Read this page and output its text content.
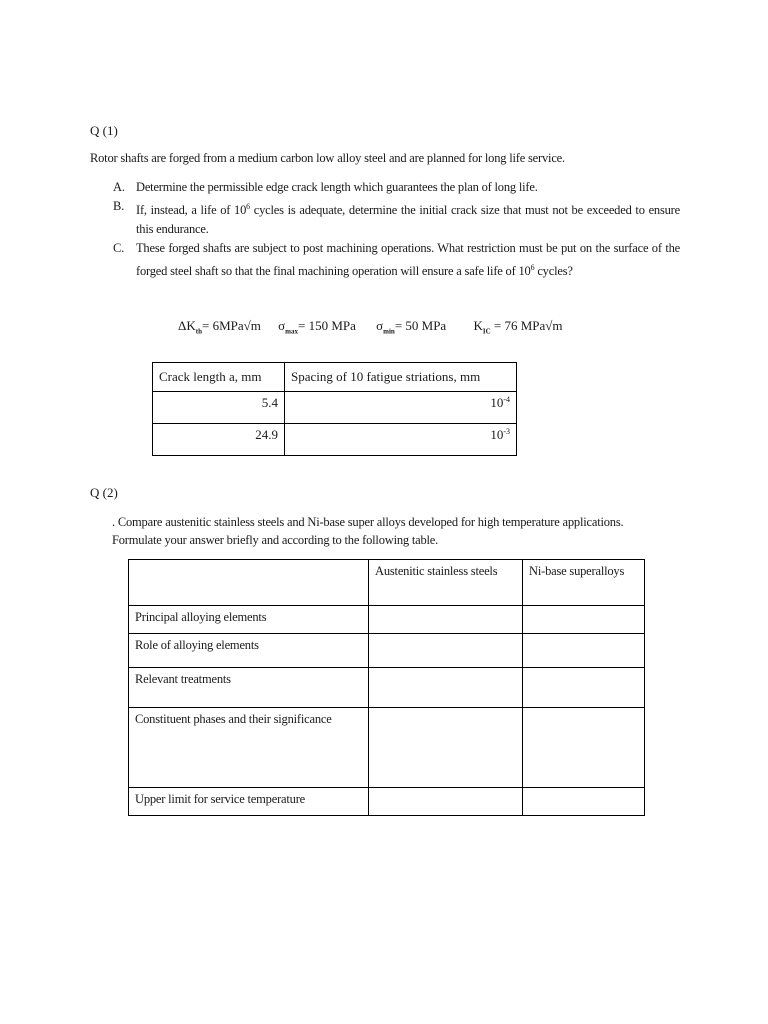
Q (1)
Rotor shafts are forged from a medium carbon low alloy steel and are planned for long life service.
A. Determine the permissible edge crack length which guarantees the plan of long life.
B. If, instead, a life of $10^6$ cycles is adequate, determine the initial crack size that must not be exceeded to ensure this endurance.
C. These forged shafts are subject to post machining operations. What restriction must be put on the surface of the forged steel shaft so that the final machining operation will ensure a safe life of $10^6$ cycles?
$\Delta K_{th}= 6MPa√m$ $\sigma_{max}= 150$ MPa $\sigma_{min}= 50$ MPa $K_{IC} = 76$ MPa√m
Crack length a, mm	Spacing of 10 fatigue striations, mm
5.4	$10^{-4}$
24.9	$10^{-3}$
Q (2)
. Compare austenitic stainless steels and Ni-base super alloys developed for high temperature applications. Formulate your answer briefly and according to the following table.
	Austenitic stainless steels	Ni-base superalloys
Principal alloying elements		
Role of alloying elements		
Relevant treatments		
Constituent phases and their significance		
Upper limit for service temperature		
